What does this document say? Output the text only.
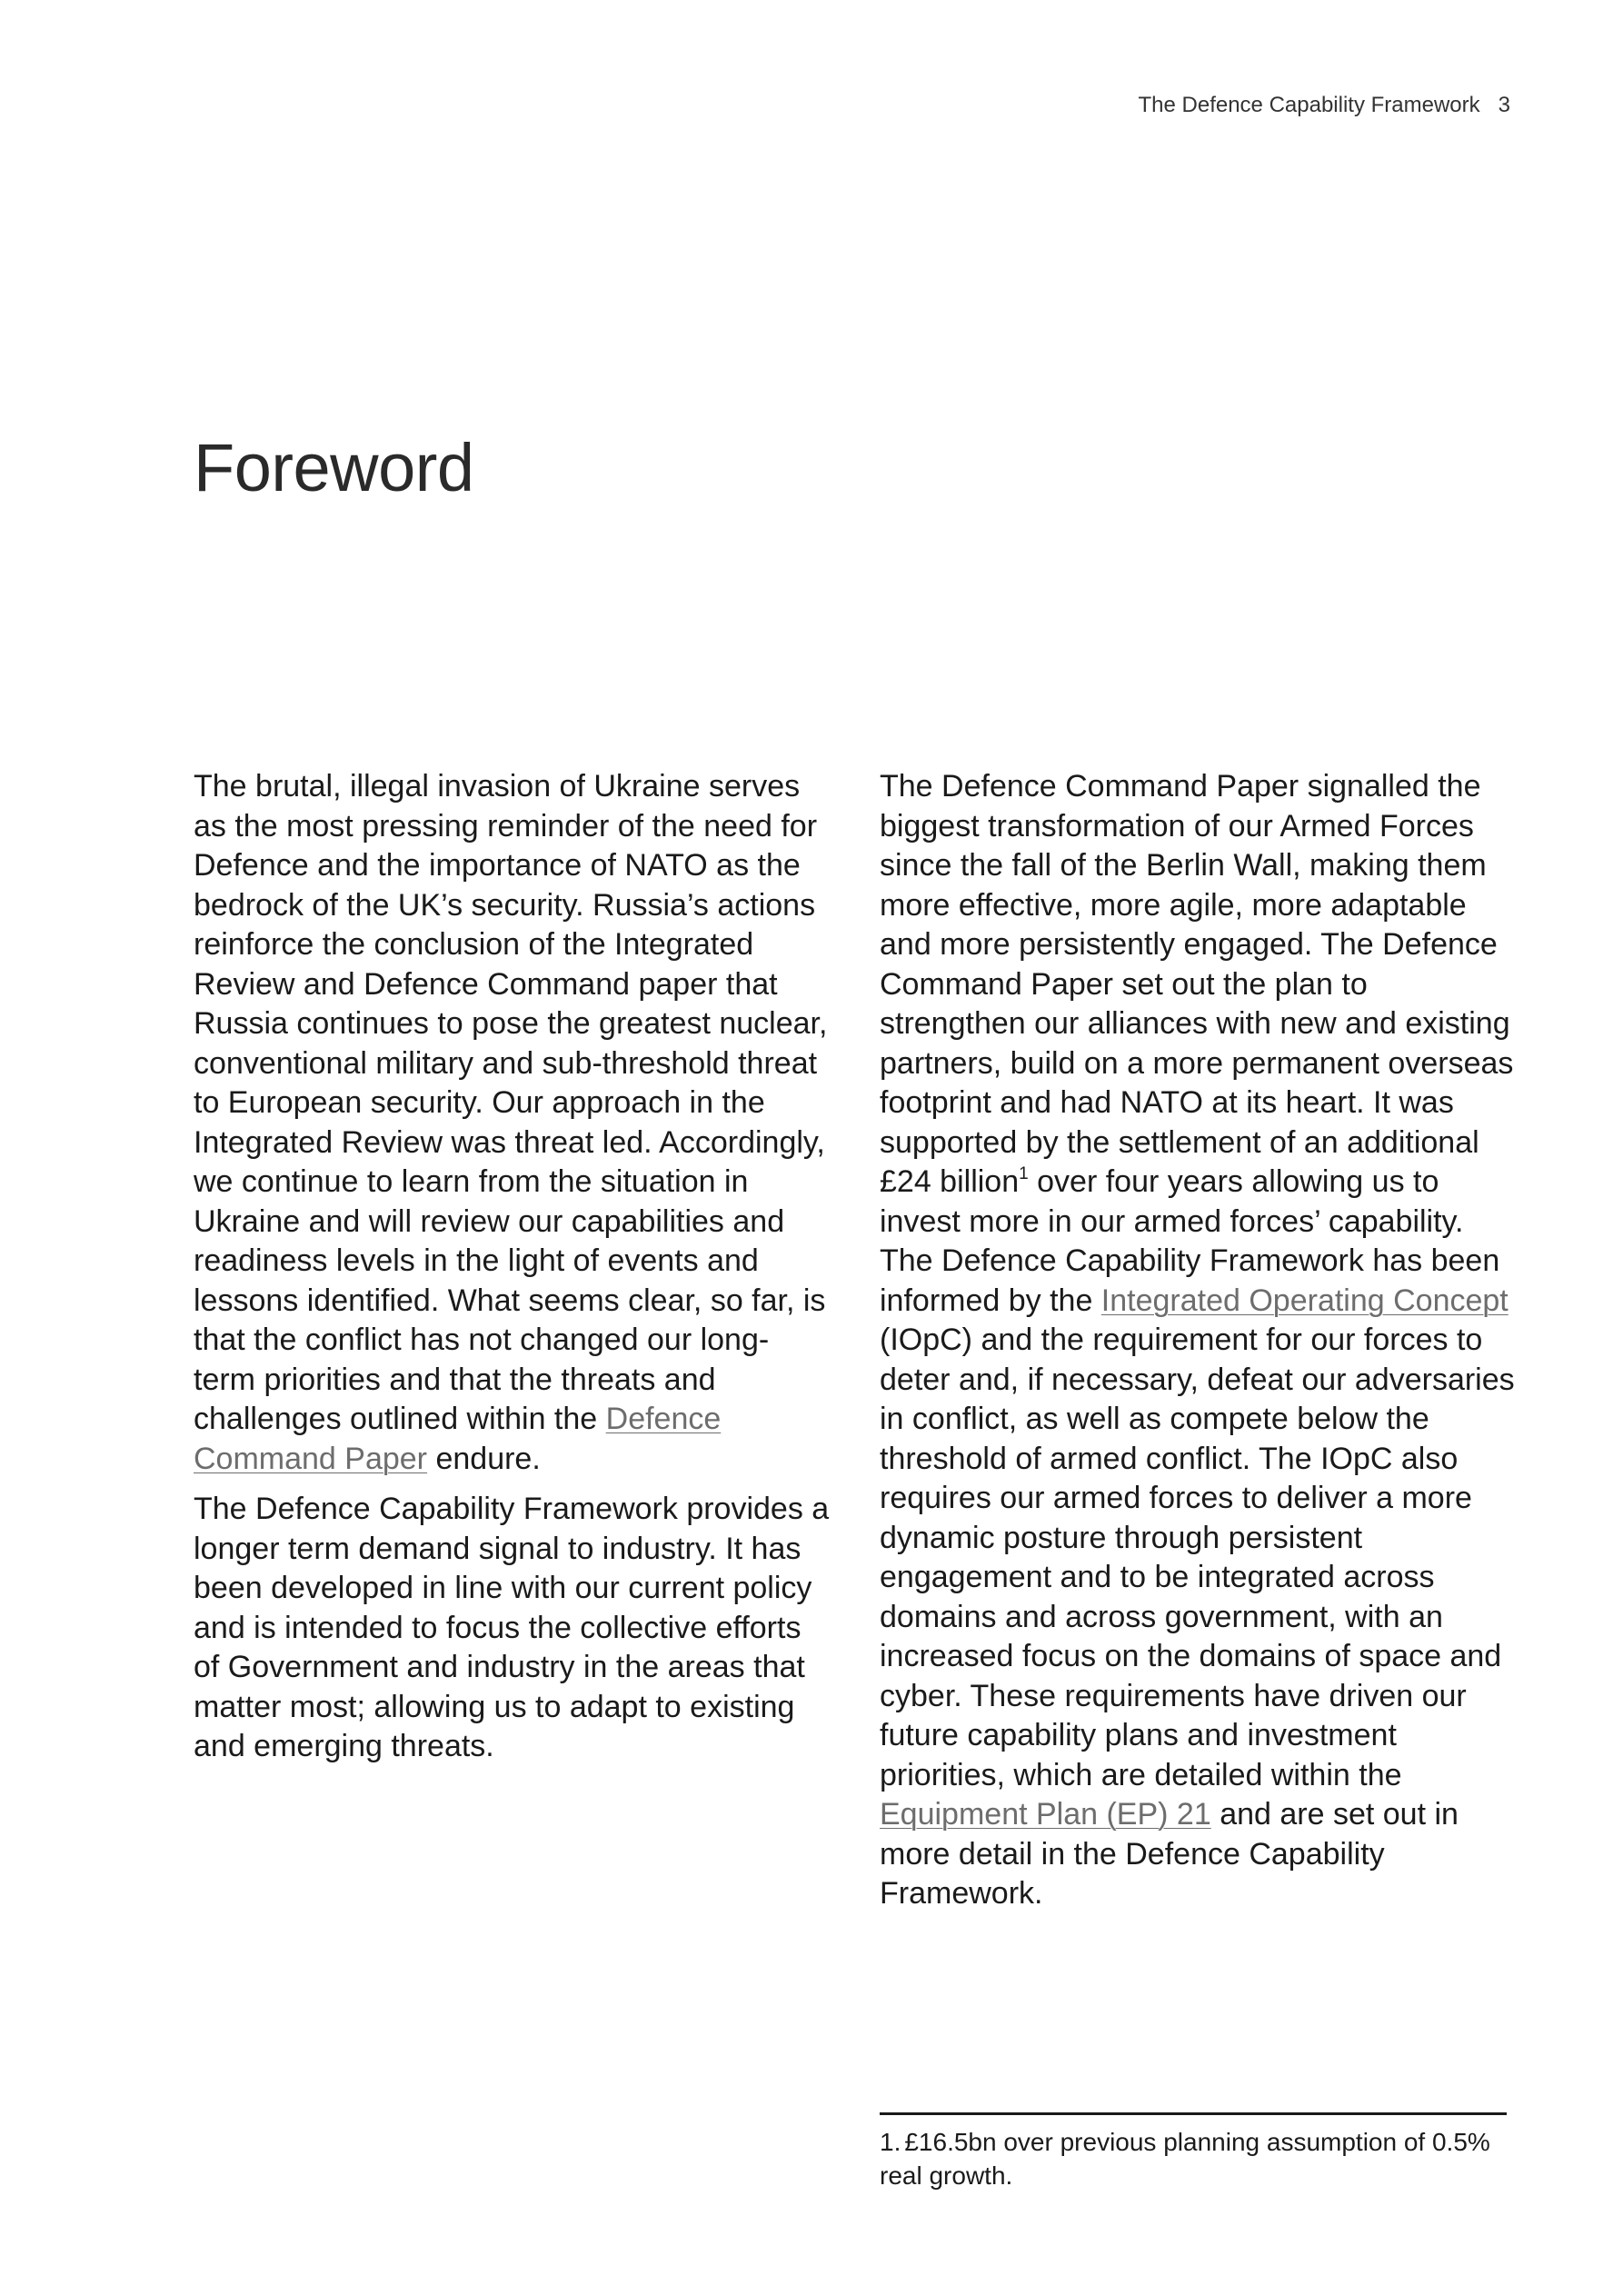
The Defence Capability Framework 3
Foreword

The brutal, illegal invasion of Ukraine serves as the most pressing reminder of the need for Defence and the importance of NATO as the bedrock of the UK’s security. Russia’s actions reinforce the conclusion of the Integrated Review and Defence Command paper that Russia continues to pose the greatest nuclear, conventional military and sub-threshold threat to European security. Our approach in the Integrated Review was threat led. Accordingly, we continue to learn from the situation in Ukraine and will review our capabilities and readiness levels in the light of events and lessons identified. What seems clear, so far, is that the conflict has not changed our long-term priorities and that the threats and challenges outlined within the Defence Command Paper endure.

The Defence Capability Framework provides a longer term demand signal to industry. It has been developed in line with our current policy and is intended to focus the collective efforts of Government and industry in the areas that matter most; allowing us to adapt to existing and emerging threats.

The Defence Command Paper signalled the biggest transformation of our Armed Forces since the fall of the Berlin Wall, making them more effective, more agile, more adaptable and more persistently engaged. The Defence Command Paper set out the plan to strengthen our alliances with new and existing partners, build on a more permanent overseas footprint and had NATO at its heart. It was supported by the settlement of an additional £24 billion$^1$ over four years allowing us to invest more in our armed forces’ capability. The Defence Capability Framework has been informed by the Integrated Operating Concept (IOpC) and the requirement for our forces to deter and, if necessary, defeat our adversaries in conflict, as well as compete below the threshold of armed conflict. The IOpC also requires our armed forces to deliver a more dynamic posture through persistent engagement and to be integrated across domains and across government, with an increased focus on the domains of space and cyber. These requirements have driven our future capability plans and investment priorities, which are detailed within the Equipment Plan (EP) 21 and are set out in more detail in the Defence Capability Framework.

1. £16.5bn over previous planning assumption of 0.5% real growth.
